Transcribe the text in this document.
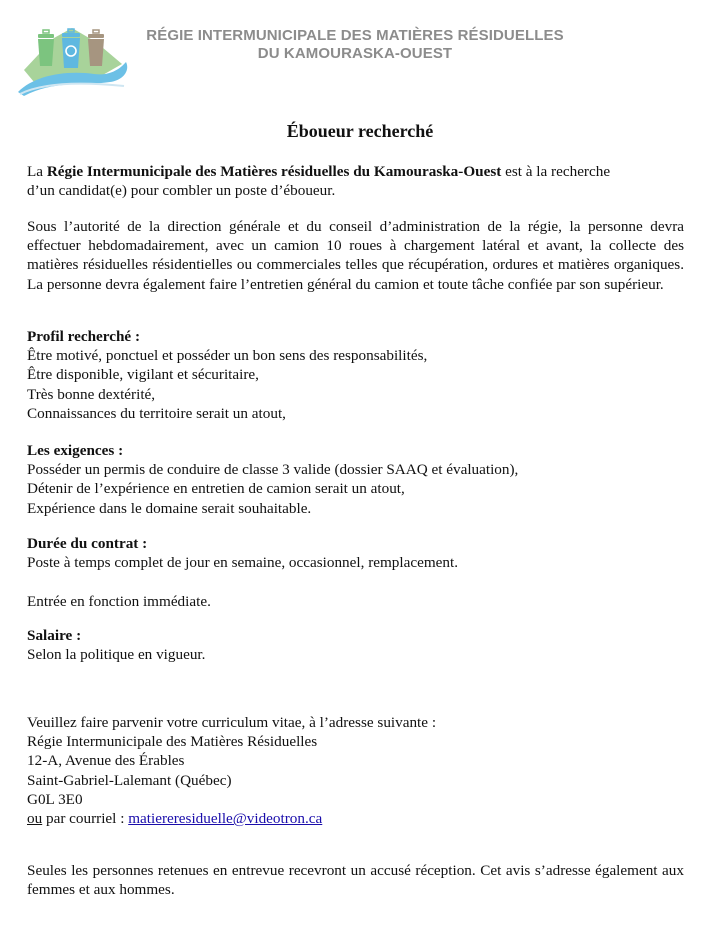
RÉGIE INTERMUNICIPALE DES MATIÈRES RÉSIDUELLES
DU KAMOURASKA-OUEST
Éboueur recherché
La Régie Intermunicipale des Matières résiduelles du Kamouraska-Ouest est à la recherche
d’un candidat(e) pour combler un poste d’éboueur.
Sous l’autorité de la direction générale et du conseil d’administration de la régie, la personne devra effectuer hebdomadairement, avec un camion 10 roues à chargement latéral et avant, la collecte des matières résiduelles résidentielles ou commerciales telles que récupération, ordures et matières organiques. La personne devra également faire l’entretien général du camion et toute tâche confiée par son supérieur.
Profil recherché :
Être motivé, ponctuel et posséder un bon sens des responsabilités,
Être disponible, vigilant et sécuritaire,
Très bonne dextérité,
Connaissances du territoire serait un atout,
Les exigences :
Posséder un permis de conduire de classe 3 valide (dossier SAAQ et évaluation),
Détenir de l’expérience en entretien de camion serait un atout,
Expérience dans le domaine serait souhaitable.
Durée du contrat :
Poste à temps complet de jour en semaine, occasionnel, remplacement.
Entrée en fonction immédiate.
Salaire :
Selon la politique en vigueur.
Veuillez faire parvenir votre curriculum vitae, à l’adresse suivante :
Régie Intermunicipale des Matières Résiduelles
12-A, Avenue des Érables
Saint-Gabriel-Lalemant (Québec)
G0L 3E0
ou par courriel : matiereresiduelle@videotron.ca
Seules les personnes retenues en entrevue recevront un accusé réception. Cet avis s’adresse également aux femmes et aux hommes.
